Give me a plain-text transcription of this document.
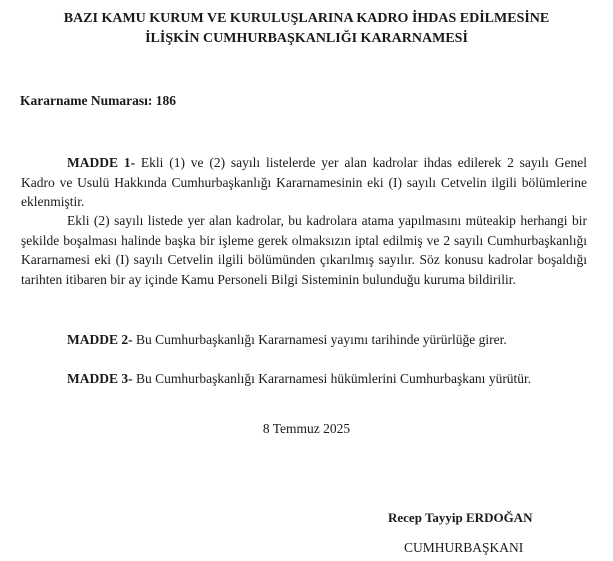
BAZI KAMU KURUM VE KURULUŞLARINA KADRO İHDAS EDİLMESİNE
İLİŞKİN CUMHURBAŞKANLIĞI KARARNAMESİ
Kararname Numarası: 186
MADDE 1- Ekli (1) ve (2) sayılı listelerde yer alan kadrolar ihdas edilerek 2 sayılı Genel Kadro ve Usulü Hakkında Cumhurbaşkanlığı Kararnamesinin eki (I) sayılı Cetvelin ilgili bölümlerine eklenmiştir.
Ekli (2) sayılı listede yer alan kadrolar, bu kadrolara atama yapılmasını müteakip herhangi bir şekilde boşalması halinde başka bir işleme gerek olmaksızın iptal edilmiş ve 2 sayılı Cumhurbaşkanlığı Kararnamesi eki (I) sayılı Cetvelin ilgili bölümünden çıkarılmış sayılır. Söz konusu kadrolar boşaldığı tarihten itibaren bir ay içinde Kamu Personeli Bilgi Sisteminin bulunduğu kuruma bildirilir.
MADDE 2- Bu Cumhurbaşkanlığı Kararnamesi yayımı tarihinde yürürlüğe girer.
MADDE 3- Bu Cumhurbaşkanlığı Kararnamesi hükümlerini Cumhurbaşkanı yürütür.
8 Temmuz 2025
Recep Tayyip ERDOĞAN
CUMHURBAŞKANI
